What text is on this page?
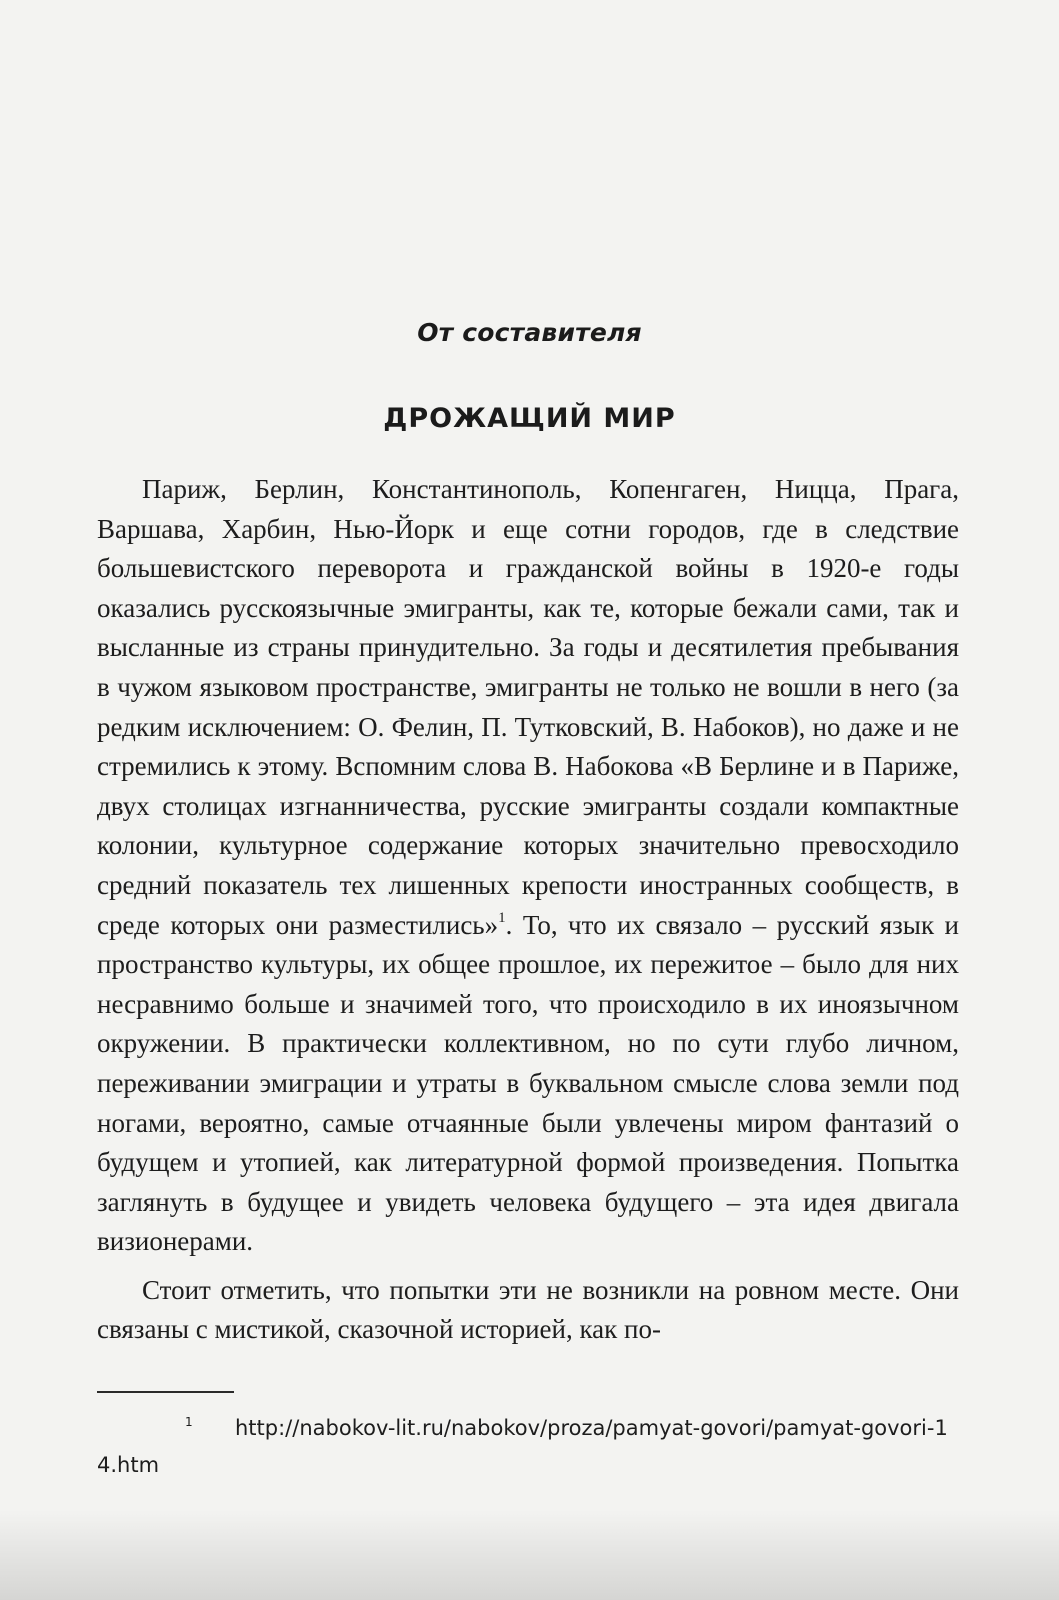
От составителя
ДРОЖАЩИЙ МИР

Париж, Берлин, Константинополь, Копенгаген, Ницца, Прага, Варшава, Харбин, Нью-Йорк и еще сотни городов, где в следствие большевистского переворота и гражданской войны в 1920-е годы оказались русскоязычные эмигранты, как те, которые бежали сами, так и высланные из страны принудительно. За годы и десятилетия пребывания в чужом языковом пространстве, эмигранты не только не вошли в него (за редким исключением: О. Фелин, П. Тутковский, В. Набоков), но даже и не стремились к этому. Вспомним слова В. Набокова «В Берлине и в Париже, двух столицах изгнанничества, русские эмигранты создали компактные колонии, культурное содержание которых значительно превосходило средний показатель тех лишенных крепости иностранных сообществ, в среде которых они разместились»$^1$. То, что их связало – русский язык и пространство культуры, их общее прошлое, их пережитое – было для них несравнимо больше и значимей того, что происходило в их иноязычном окружении. В практически коллективном, но по сути глубо личном, переживании эмиграции и утраты в буквальном смысле слова земли под ногами, вероятно, самые отчаянные были увлечены миром фантазий о будущем и утопией, как литературной формой произведения. Попытка заглянуть в будущее и увидеть человека будущего – эта идея двигала визионерами.

Стоит отметить, что попытки эти не возникли на ровном месте. Они связаны с мистикой, сказочной историей, как по-

1 http://nabokov-lit.ru/nabokov/proza/pamyat-govori/pamyat-govori-14.htm
